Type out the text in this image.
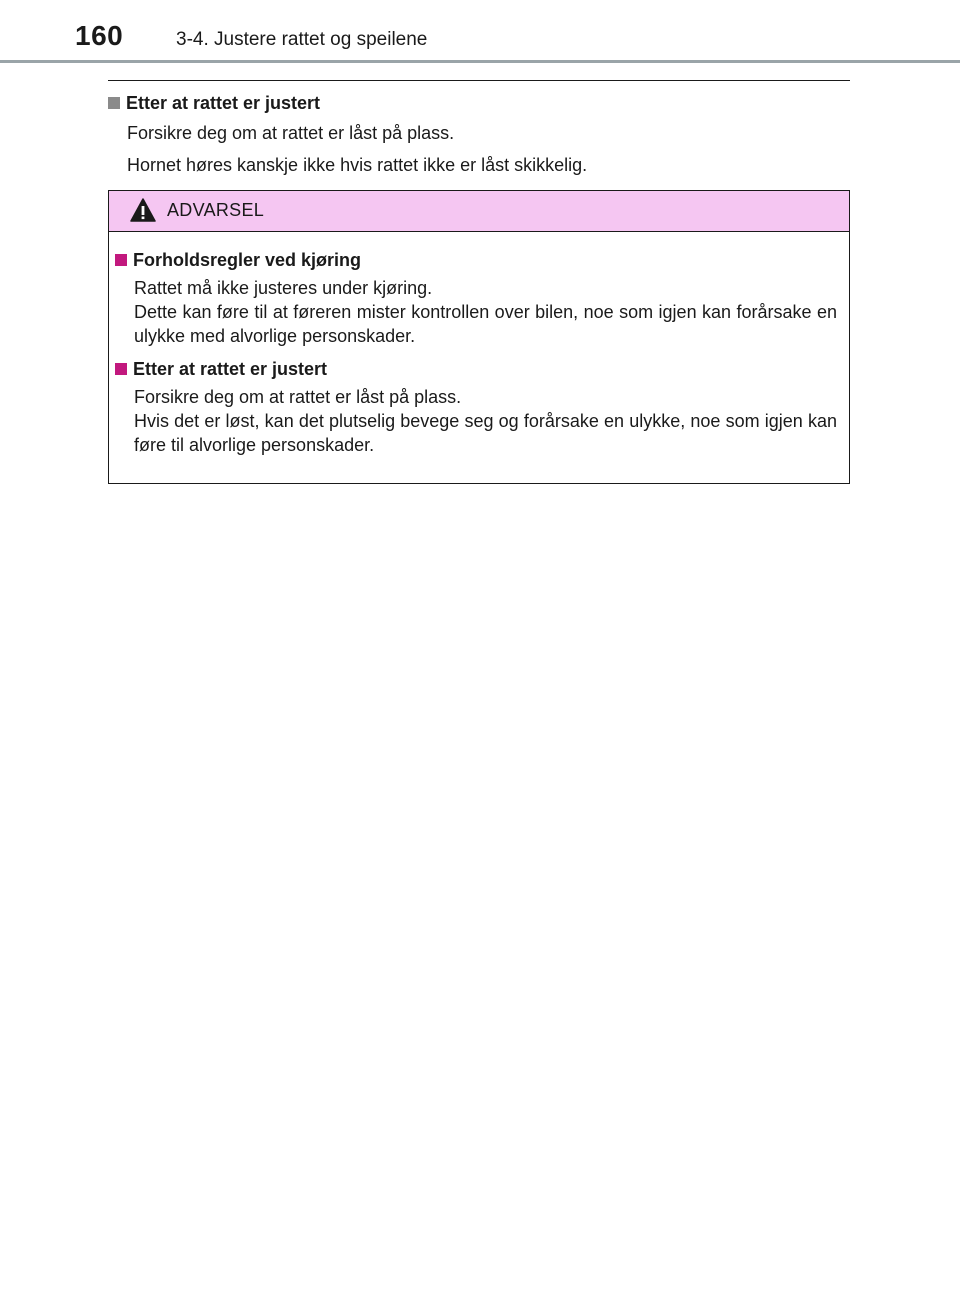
160	3-4. Justere rattet og speilene
Etter at rattet er justert
Forsikre deg om at rattet er låst på plass.
Hornet høres kanskje ikke hvis rattet ikke er låst skikkelig.
ADVARSEL
Forholdsregler ved kjøring
Rattet må ikke justeres under kjøring.
Dette kan føre til at føreren mister kontrollen over bilen, noe som igjen kan forårsake en ulykke med alvorlige personskader.
Etter at rattet er justert
Forsikre deg om at rattet er låst på plass.
Hvis det er løst, kan det plutselig bevege seg og forårsake en ulykke, noe som igjen kan føre til alvorlige personskader.
